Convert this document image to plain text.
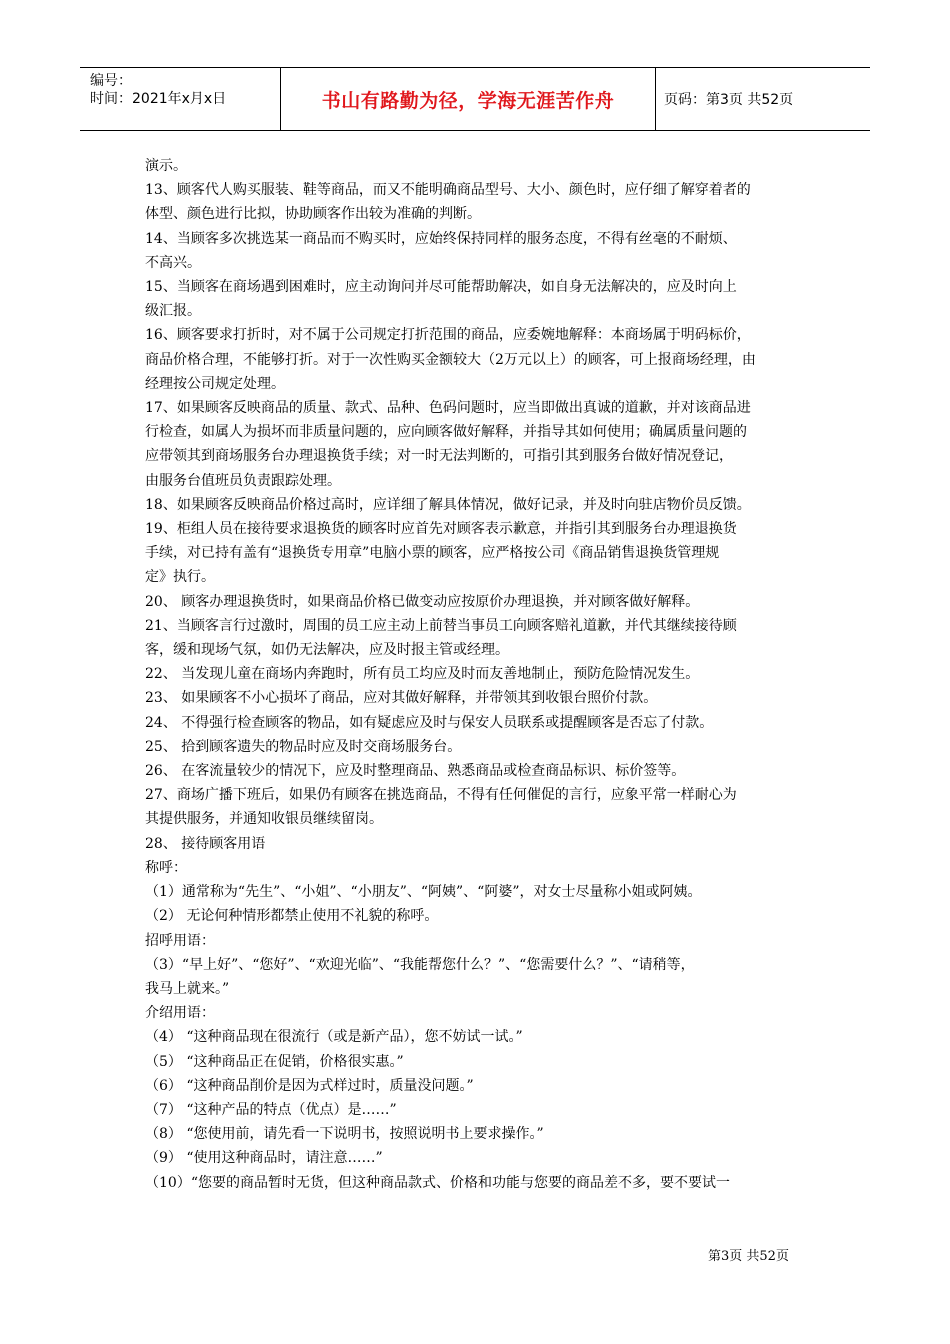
编号：
时间：2021年x月x日	书山有路勤为径，学海无涯苦作舟	页码：第3页 共52页

演示。

13、顾客代人购买服装、鞋等商品，而又不能明确商品型号、大小、颜色时，应仔细了解穿着者的

体型、颜色进行比拟，协助顾客作出较为准确的判断。

14、当顾客多次挑选某一商品而不购买时，应始终保持同样的服务态度，不得有丝毫的不耐烦、

不高兴。

15、当顾客在商场遇到困难时，应主动询问并尽可能帮助解决，如自身无法解决的，应及时向上

级汇报。

16、顾客要求打折时，对不属于公司规定打折范围的商品，应委婉地解释：本商场属于明码标价，

商品价格合理，不能够打折。对于一次性购买金额较大（2万元以上）的顾客，可上报商场经理，由

经理按公司规定处理。

17、如果顾客反映商品的质量、款式、品种、色码问题时，应当即做出真诚的道歉，并对该商品进

行检查，如属人为损坏而非质量问题的，应向顾客做好解释，并指导其如何使用；确属质量问题的

应带领其到商场服务台办理退换货手续；对一时无法判断的，可指引其到服务台做好情况登记，

由服务台值班员负责跟踪处理。

18、如果顾客反映商品价格过高时，应详细了解具体情况，做好记录，并及时向驻店物价员反馈。

19、柜组人员在接待要求退换货的顾客时应首先对顾客表示歉意，并指引其到服务台办理退换货

手续，对已持有盖有“退换货专用章”电脑小票的顾客，应严格按公司《商品销售退换货管理规

定》执行。

20、 顾客办理退换货时，如果商品价格已做变动应按原价办理退换，并对顾客做好解释。

21、当顾客言行过激时，周围的员工应主动上前替当事员工向顾客赔礼道歉，并代其继续接待顾

客，缓和现场气氛，如仍无法解决，应及时报主管或经理。

22、 当发现儿童在商场内奔跑时，所有员工均应及时而友善地制止，预防危险情况发生。

23、 如果顾客不小心损坏了商品，应对其做好解释，并带领其到收银台照价付款。

24、 不得强行检查顾客的物品，如有疑虑应及时与保安人员联系或提醒顾客是否忘了付款。

25、 拾到顾客遗失的物品时应及时交商场服务台。

26、 在客流量较少的情况下，应及时整理商品、熟悉商品或检查商品标识、标价签等。

27、商场广播下班后，如果仍有顾客在挑选商品，不得有任何催促的言行，应象平常一样耐心为

其提供服务，并通知收银员继续留岗。

28、 接待顾客用语

称呼：

（1）通常称为“先生”、“小姐”、“小朋友”、“阿姨”、“阿婆”，对女士尽量称小姐或阿姨。

（2） 无论何种情形都禁止使用不礼貌的称呼。

招呼用语：

（3）“早上好”、“您好”、“欢迎光临”、“我能帮您什么？”、“您需要什么？”、“请稍等，

我马上就来。”

介绍用语：

（4） “这种商品现在很流行（或是新产品），您不妨试一试。”

（5） “这种商品正在促销，价格很实惠。”

（6） “这种商品削价是因为式样过时，质量没问题。”

（7） “这种产品的特点（优点）是……”

（8） “您使用前，请先看一下说明书，按照说明书上要求操作。”

（9） “使用这种商品时，请注意……”

（10）“您要的商品暂时无货，但这种商品款式、价格和功能与您要的商品差不多，要不要试一

第3页 共52页
